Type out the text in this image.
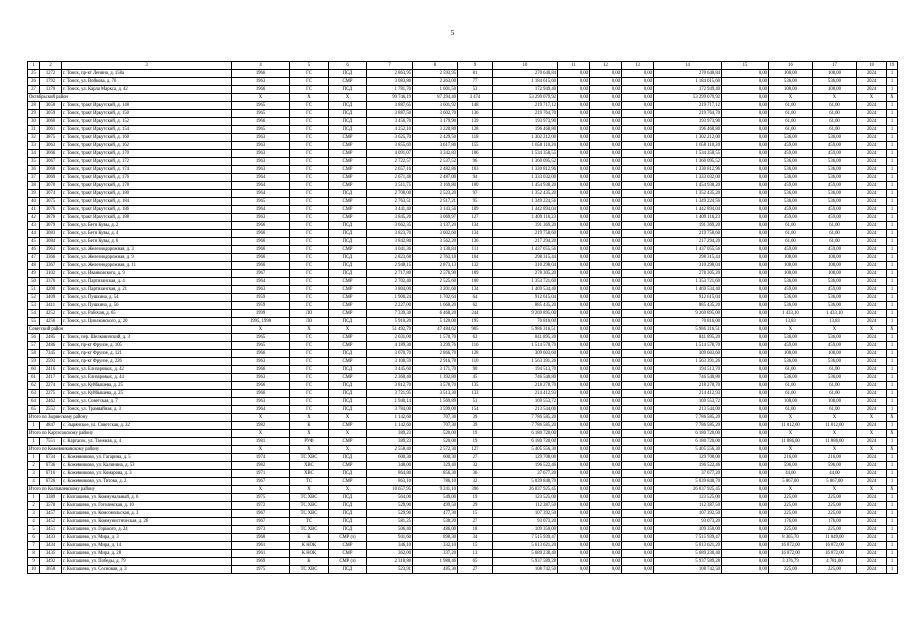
5
1	2	3	4	5	6	7	8	9	10	11	12	13	14	15	16	17	18	19
25	1272	г. Томск, пр-кт Ленина, д. 158а	1966	ГС	ПСД	2 863,95	2 593,95	81	270 640,84	0,00	0,00	0,00	270 640,84	0,00	108,00	108,00	2024	1
26	1792	г. Томск, ул. Войкова, д. 76	1963	ГС	СМР	3 083,80	2 263,00	77	1 184 615,60	0,00	0,00	0,00	1 184 615,60	0,00	536,00	536,00	2024	1
27	1370	г. Томск, ул. Карла Маркса, д. 42	1966	ГС	ПСД	1 781,70	1 601,50	53	172 949,40	0,00	0,00	0,00	172 949,40	0,00	108,00	108,00	2024	1
Октябрьский район			X	X	X	99 746,19	87 294,40	3 474	53 299 079,92	0,00	0,00	0,00	53 299 079,92	0,00	X	X	X	X
28	3058	г. Томск, тракт Иркутский, д. 148	1965	ГС	ПСД	3 887,65	3 601,92	148	219 717,12	0,00	0,00	0,00	219 717,12	0,00	61,00	61,00	2024	1
29	3059	г. Томск, тракт Иркутский, д. 150	1965	ГС	ПСД	3 887,50	3 602,70	136	219 764,70	0,00	0,00	0,00	219 764,70	0,00	61,00	61,00	2024	1
30	3060	г. Томск, тракт Иркутский, д. 152	1966	ГС	ПСД	3 456,70	3 179,90	139	193 973,90	0,00	0,00	0,00	193 973,90	0,00	61,00	61,00	2024	1
31	3061	г. Томск, тракт Иркутский, д. 154	1965	ГС	ПСД	4 252,10	3 220,80	128	196 468,80	0,00	0,00	0,00	196 468,80	0,00	61,00	61,00	2024	1
32	3875	г. Томск, тракт Иркутский, д. 160	1963	ГС	СМР	3 625,70	2 429,50	118	1 302 212,00	0,00	0,00	0,00	1 302 212,00	0,00	536,00	536,00	2024	1
33	3063	г. Томск, тракт Иркутский, д. 162	1963	ГС	СМР	3 855,69	3 617,80	155	1 658 110,20	0,00	0,00	0,00	1 658 110,20	0,00	459,00	459,00	2024	1
34	3066	г. Томск, тракт Иркутский, д. 170	1963	ГС	СМР	4 091,07	3 342,83	106	1 534 358,55	0,00	0,00	0,00	1 534 358,55	0,00	459,00	459,00	2024	1
35	3067	г. Томск, тракт Иркутский, д. 172	1963	ГС	СМР	2 722,57	2 537,52	96	1 360 095,52	0,00	0,00	0,00	1 360 095,52	0,00	536,00	536,00	2024	1
36	3068	г. Томск, тракт Иркутский, д. 174	1963	ГС	СМР	2 657,16	2 482,86	103	1 330 812,96	0,00	0,00	0,00	1 330 812,96	0,00	536,00	536,00	2024	1
37	3069	г. Томск, тракт Иркутский, д. 176	1964	ГС	СМР	2 671,48	2 487,00	94	1 333 032,00	0,00	0,00	0,00	1 333 032,00	0,00	536,00	536,00	2024	1
38	3070	г. Томск, тракт Иркутский, д. 178	1964	ГС	СМР	3 511,75	3 169,80	100	1 454 938,20	0,00	0,00	0,00	1 454 938,20	0,00	459,00	459,00	2024	1
39	3074	г. Томск, тракт Иркутский, д. 180	1964	ГС	ПСД	2 708,00	2 523,20	97	1 352 435,20	0,00	0,00	0,00	1 352 435,20	0,00	536,00	536,00	2024	1
40	3075	г. Томск, тракт Иркутский, д. 184	1965	ГС	СМР	2 763,51	2 517,21	95	1 349 224,56	0,00	0,00	0,00	1 349 224,56	0,00	536,00	536,00	2024	1
41	3076	г. Томск, тракт Иркутский, д. 186	1964	ГС	СМР	3 441,40	3 143,56	109	1 442 894,04	0,00	0,00	0,00	1 442 894,04	0,00	459,00	459,00	2024	1
42	3878	г. Томск, тракт Иркутский, д. 188	1963	ГС	СМР	3 845,20	3 069,97	127	1 409 116,23	0,00	0,00	0,00	1 409 116,23	0,00	459,00	459,00	2024	1
43	3079	г. Томск, ул. Беги Кувы, д. 2	1966	ГС	ПСД	3 662,35	3 137,20	134	191 369,20	0,00	0,00	0,00	191 369,20	0,00	61,00	61,00	2024	1
44	3083	г. Томск, ул. Беги Кувы, д. 4	1966	ГС	ПСД	3 823,70	3 602,60	134	219 758,60	0,00	0,00	0,00	219 758,60	0,00	61,00	61,00	2024	1
45	3084	г. Томск, ул. Беги Кувы, д. 6	1966	ГС	ПСД	3 842,80	3 562,20	136	217 294,20	0,00	0,00	0,00	217 294,20	0,00	61,00	61,00	2024	1
46	3963	г. Томск, ул. Железнодорожная, д. 3	1966	ГС	СМР	4 041,36	3 130,84	111	1 437 055,56	0,00	0,00	0,00	1 437 055,56	0,00	459,00	459,00	2024	1
47	3366	г. Томск, ул. Железнодорожная, д. 9	1966	ГС	ПСД	2 823,68	2 763,18	104	298 315,44	0,00	0,00	0,00	298 315,44	0,00	108,00	108,00	2024	1
48	3367	г. Томск, ул. Железнодорожная, д. 11	1966	ГС	ПСД	2 948,15	2 873,13	132	310 298,04	0,00	0,00	0,00	310 298,04	0,00	108,00	108,00	2024	1
49	3102	г. Томск, ул. Иванковского, д. 9	1967	ГС	ПСД	2 717,80	2 576,90	109	278 305,20	0,00	0,00	0,00	278 305,20	0,00	108,00	108,00	2024	1
50	3376	г. Томск, ул. Партизанская, д. 4	1964	ГС	СМР	2 702,40	2 525,60	100	1 353 721,60	0,00	0,00	0,00	1 353 721,60	0,00	536,00	536,00	2024	1
51	4200	г. Томск, ул. Партизанская, д. 21	1963	ГС	СМР	3 804,00	3 201,60	134	1 469 534,40	0,00	0,00	0,00	1 469 534,40	0,00	459,00	459,00	2024	1
52	3409	г. Томск, ул. Пушкина, д. 54	1959	ГС	СМР	1 900,24	1 702,64	64	912 615,04	0,00	0,00	0,00	912 615,04	0,00	536,00	536,00	2024	1
53	3411	г. Томск, ул. Пушкина, д. 56	1959	ГС	СМР	2 227,00	1 668,20	62	885 435,20	0,00	0,00	0,00	885 435,20	0,00	536,00	536,00	2024	1
54	4252	г. Томск, ул. Рабочая, д. 65	1999	ЛО	СМР	7 339,30	6 468,20	244	9 269 895,00	0,00	0,00	0,00	9 269 895,00	0,00	1 433,10	1 433,10	2024	1
55	4256	г. Томск, ул. Циолковского, д. 20	1995, 1998	ЛО	ПСД	5 910,20	5 120,00	195	70 816,00	0,00	0,00	0,00	70 816,00	0,00	13,83	13,83	2024	1
Советский район			X	X	X	51 492,79	47 484,62	905	5 986 316,51	0,00	0,00	0,00	5 986 316,51	0,00	X	X	X	X
56	2485	г. Томск, пер. Шелковичский, д. 3	1965	ГС	СМР	2 031,00	1 570,70	63	841 895,20	0,00	0,00	0,00	841 895,20	0,00	536,00	536,00	2024	1
57	2486	г. Томск, пр-кт Фрунзе, д. 105	1965	ГС	СМР	4 189,30	3 299,76	116	1 514 578,70	0,00	0,00	0,00	1 514 578,70	0,00	459,00	459,00	2024	1
58	7345	г. Томск, пр-кт Фрунзе, д. 121	1966	ГС	ПСД	3 070,70	2 866,70	128	309 603,60	0,00	0,00	0,00	309 603,60	0,00	108,00	108,00	2024	1
59	2593	г. Томск, пр-кт Фрунзе, д. 226	1963	ГС	СМР	3 108,59	2 916,78	110	1 563 391,26	0,00	0,00	0,00	1 563 391,26	0,00	536,00	536,00	2024	1
60	2416	г. Томск, ул. Елизаровых, д. 42	1966	ГС	ПСД	3 445,60	3 171,70	90	194 513,70	0,00	0,00	0,00	194 513,70	0,00	61,00	61,00	2024	1
61	2417	г. Томск, ул. Елизаровых, д. 44	1963	ГС	СМР	2 360,40	1 392,80	45	746 540,80	0,00	0,00	0,00	746 540,80	0,00	536,00	536,00	2024	1
62	2274	г. Томск, ул. Куйбышева, д. 25	1966	ГС	ПСД	3 812,70	3 578,70	135	218 278,70	0,00	0,00	0,00	218 278,70	0,00	61,00	61,00	2024	1
63	2275	г. Томск, ул. Куйбышева, д. 25	1966	ГС	ПСД	3 721,95	3 513,30	133	214 412,93	0,00	0,00	0,00	214 412,93	0,00	61,00	61,00	2024	1
64	2462	г. Томск, ул. Советская, д. 7	1963	ГС	ПСД	1 940,14	1 569,89	51	169 553,72	0,00	0,00	0,00	169 553,72	0,00	108,00	108,00	2024	1
65	2552	г. Томск, ул. Трамвайная, д. 3	1964	ГС	ПСД	3 784,00	3 599,00	154	213 544,00	0,00	0,00	0,00	213 544,00	0,00	61,00	61,00	2024	1
Итого по Зырянскому району			X	X	X	1 142,60	707,30	39	7 786 585,20	0,00	0,00	0,00	7 786 585,20	0,00	X	X	X	X
1	4847	с. Зырянское, ул. Советская, д. 32	1982	К	СМР	1 142,60	707,30	39	7 786 585,20	0,00	0,00	0,00	7 786 585,20	0,00	11 012,00	11 012,00	2024	1
Итого по Каргасокскому району			X	X	X	389,23	520,00	19	6 180 720,00	0,00	0,00	0,00	6 180 720,00	0,00	X	X	X	X
1	7551	с. Каргасок, ул. Таежная, д. 4	1981	РУФ	СМР	389,23	520,00	19	6 180 720,00	0,00	0,00	0,00	6 180 720,00	0,00	11 886,00	11 886,00	2024	1
Итого по Кожевниковскому району			X	X	X	2 558,40	2 572,30	127	5 405 556,30	0,00	0,00	0,00	5 405 556,30	0,00	X	X	X	X
1	6734	с. Кожевниково, ул. Гагарина, д. 5	1974	ТС ХВС	ПСД	600,30	600,30	27	129 708,00	0,00	0,00	0,00	129 708,00	0,00	216,00	216,00	2024	1
2	6736	с. Кожевниково, ул. Калинина, д. 53	1982	ХВС	СМР	340,00	329,40	32	196 522,46	0,00	0,00	0,00	196 522,46	0,00	596,00	596,00	2024	1
3	6716	с. Кожевниково, ул. Комарова, д. 3	1971	ХВС	ПСД	864,80	856,30	36	37 677,20	0,00	0,00	0,00	37 677,20	0,00	44,00	44,00	2024	1
4	6726	с. Кожевниково, ул. Титова, д. 2	1967	ТС	СМР	863,10	786,10	32	5 039 848,70	0,00	0,00	0,00	5 039 848,70	0,00	5 867,00	5 867,00	2024	1
Итого по Колпашевскому району			X	X	X	10 657,95	9 241,10	396	26 037 925,45	0,00	0,00	0,00	26 037 925,45	0,00	X	X	X	X
1	3389	г. Колпашево, ул. Коммунальный, д. 6	1975	ТС ХВС	ПСД	564,00	549,00	19	123 525,00	0,00	0,00	0,00	123 525,00	0,00	225,00	225,00	2024	1
2	3570	г. Колпашево, ул. Гоголевская, д. 10	1972	ТС ХВС	ПСД	529,90	499,50	29	112 387,50	0,00	0,00	0,00	112 387,50	0,00	225,00	225,00	2024	1
3	3457	г. Колпашево, ул. Комсомольская, д. 3	1967	ТС ХВС	ПСД	529,90	477,30	15	107 392,50	0,00	0,00	0,00	107 392,50	0,00	225,00	225,00	2024	1
4	3452	г. Колпашево, ул. Коммунистическая, д. 2б	1967	ТС	ПСД	581,25	538,20	27	93 073,20	0,00	0,00	0,00	93 073,20	0,00	176,00	176,00	2024	1
5	3451	г. Колпашево, ул. Горького, д. 24	1973	ТС ХВС	ПСД	506,40	486,00	18	109 350,00	0,00	0,00	0,00	109 350,00	0,00	225,00	225,00	2024	1
6	3433	г. Колпашево, ул. Мира, д. 3	1968	К	СМР (э)	941,60	898,30	34	7 515 939,47	0,00	0,00	0,00	7 515 939,47	0,00	8 365,70	11 849,00	2024	1
7	3434	г. Колпашево, ул. Мира, д. 14	1961	К НОК	СМР	346,10	332,10	15	5 613 621,20	0,00	0,00	0,00	5 613 621,20	0,00	16 872,00	16 872,00	2024	1
8	3435	г. Колпашево, ул. Мира, д. 28	1961	К НОК	СМР	362,00	337,20	13	5 689 238,40	0,00	0,00	0,00	5 689 238,40	0,00	16 872,00	16 872,00	2024	1
9	3492	г. Колпашево, ул. Победы, д. 79	1969	К	СМР (э)	2 318,80	1 988,46	65	5 937 589,28	0,00	0,00	0,00	5 937 589,28	0,00	3 376,79	4 781,00	2024	1
10	3658	г. Колпашево, ул. Сосновая, д. 3	1975	ТС ХВС	ПСД	523,91	485,30	27	108 742,50	0,00	0,00	0,00	108 742,50	0,00	225,00	225,00	2024	1
